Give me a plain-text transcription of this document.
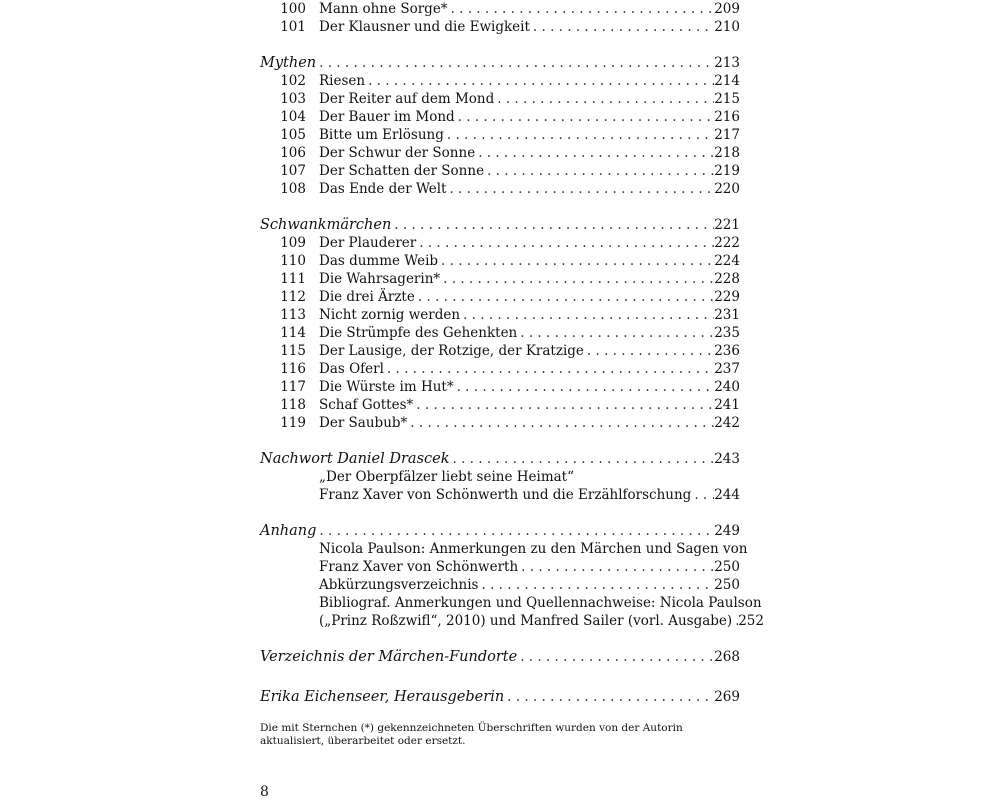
100 Mann ohne Sorge* . . .	209
101 Der Klausner und die Ewigkeit . . .	210
Mythen . . .	213
102 Riesen . . .	214
103 Der Reiter auf dem Mond . . .	215
104 Der Bauer im Mond . . .	216
105 Bitte um Erlösung . . .	217
106 Der Schwur der Sonne . . .	218
107 Der Schatten der Sonne . . .	219
108 Das Ende der Welt . . .	220
Schwankmärchen . . .	221
109 Der Plauderer . . .	222
110 Das dumme Weib . . .	224
111 Die Wahrsagerin* . . .	228
112 Die drei Ärzte . . .	229
113 Nicht zornig werden . . .	231
114 Die Strümpfe des Gehenkten . . .	235
115 Der Lausige, der Rotzige, der Kratzige . . .	236
116 Das Oferl . . .	237
117 Die Würste im Hut* . . .	240
118 Schaf Gottes* . . .	241
119 Der Saubub* . . .	242
Nachwort Daniel Drascek . . .	243
„Der Oberpfälzer liebt seine Heimat“
Franz Xaver von Schönwerth und die Erzählforschung . . . 244
Anhang . . .	249
Nicola Paulson: Anmerkungen zu den Märchen und Sagen von
Franz Xaver von Schönwerth . . .	250
Abkürzungsverzeichnis . . .	250
Bibliograf. Anmerkungen und Quellennachweise: Nicola Paulson
(„Prinz Roßzwifl“, 2010) und Manfred Sailer (vorl. Ausgabe) . . . 252
Verzeichnis der Märchen-Fundorte . . .	268
Erika Eichenseer, Herausgeberin . . .	269
Die mit Sternchen (*) gekennzeichneten Überschriften wurden von der Autorin aktualisiert, überarbeitet oder ersetzt.
8
